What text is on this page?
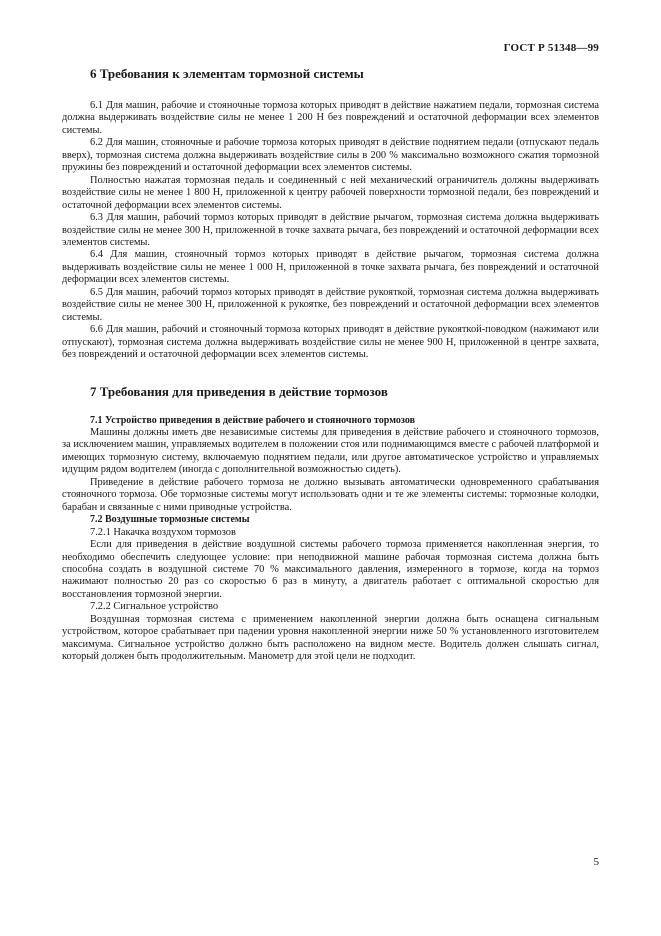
ГОСТ Р 51348—99
6 Требования к элементам тормозной системы

6.1 Для машин, рабочие и стояночные тормоза которых приводят в действие нажатием педали, тормозная система должна выдерживать воздействие силы не менее 1 200 Н без повреждений и остаточной деформации всех элементов системы.

6.2 Для машин, стояночные и рабочие тормоза которых приводят в действие поднятием педали (отпускают педаль вверх), тормозная система должна выдерживать воздействие силы в 200 % максимально возможного сжатия тормозной пружины без повреждений и остаточной деформации всех элементов системы.

Полностью нажатая тормозная педаль и соединенный с ней механический ограничитель должны выдерживать воздействие силы не менее 1 800 Н, приложенной к центру рабочей поверхности тормозной педали, без повреждений и остаточной деформации всех элементов системы.

6.3 Для машин, рабочий тормоз которых приводят в действие рычагом, тормозная система должна выдерживать воздействие силы не менее 300 Н, приложенной в точке захвата рычага, без повреждений и остаточной деформации всех элементов системы.

6.4 Для машин, стояночный тормоз которых приводят в действие рычагом, тормозная система должна выдерживать воздействие силы не менее 1 000 Н, приложенной в точке захвата рычага, без повреждений и остаточной деформации всех элементов системы.

6.5 Для машин, рабочий тормоз которых приводят в действие рукояткой, тормозная система должна выдерживать воздействие силы не менее 300 Н, приложенной к рукоятке, без повреждений и остаточной деформации всех элементов системы.

6.6 Для машин, рабочий и стояночный тормоза которых приводят в действие рукояткой-поводком (нажимают или отпускают), тормозная система должна выдерживать воздействие силы не менее 900 Н, приложенной в центре захвата, без повреждений и остаточной деформации всех элементов системы.

7 Требования для приведения в действие тормозов

7.1 Устройство приведения в действие рабочего и стояночного тормозов

Машины должны иметь две независимые системы для приведения в действие рабочего и стояночного тормозов, за исключением машин, управляемых водителем в положении стоя или поднимающимся вместе с рабочей платформой и имеющих тормозную систему, включаемую поднятием педали, или другое автоматическое устройство и управляемых идущим рядом водителем (иногда с дополнительной возможностью сидеть).

Приведение в действие рабочего тормоза не должно вызывать автоматически одновременного срабатывания стояночного тормоза. Обе тормозные системы могут использовать одни и те же элементы системы: тормозные колодки, барабан и связанные с ними приводные устройства.

7.2 Воздушные тормозные системы

7.2.1 Накачка воздухом тормозов

Если для приведения в действие воздушной системы рабочего тормоза применяется накопленная энергия, то необходимо обеспечить следующее условие: при неподвижной машине рабочая тормозная система должна быть способна создать в воздушной системе 70 % максимального давления, измеренного в тормозе, когда на тормоз нажимают полностью 20 раз со скоростью 6 раз в минуту, а двигатель работает с оптимальной скоростью для восстановления тормозной энергии.

7.2.2 Сигнальное устройство

Воздушная тормозная система с применением накопленной энергии должна быть оснащена сигнальным устройством, которое срабатывает при падении уровня накопленной энергии ниже 50 % установленного изготовителем максимума. Сигнальное устройство должно быть расположено на видном месте. Водитель должен слышать сигнал, который должен быть продолжительным. Манометр для этой цели не подходит.

5
